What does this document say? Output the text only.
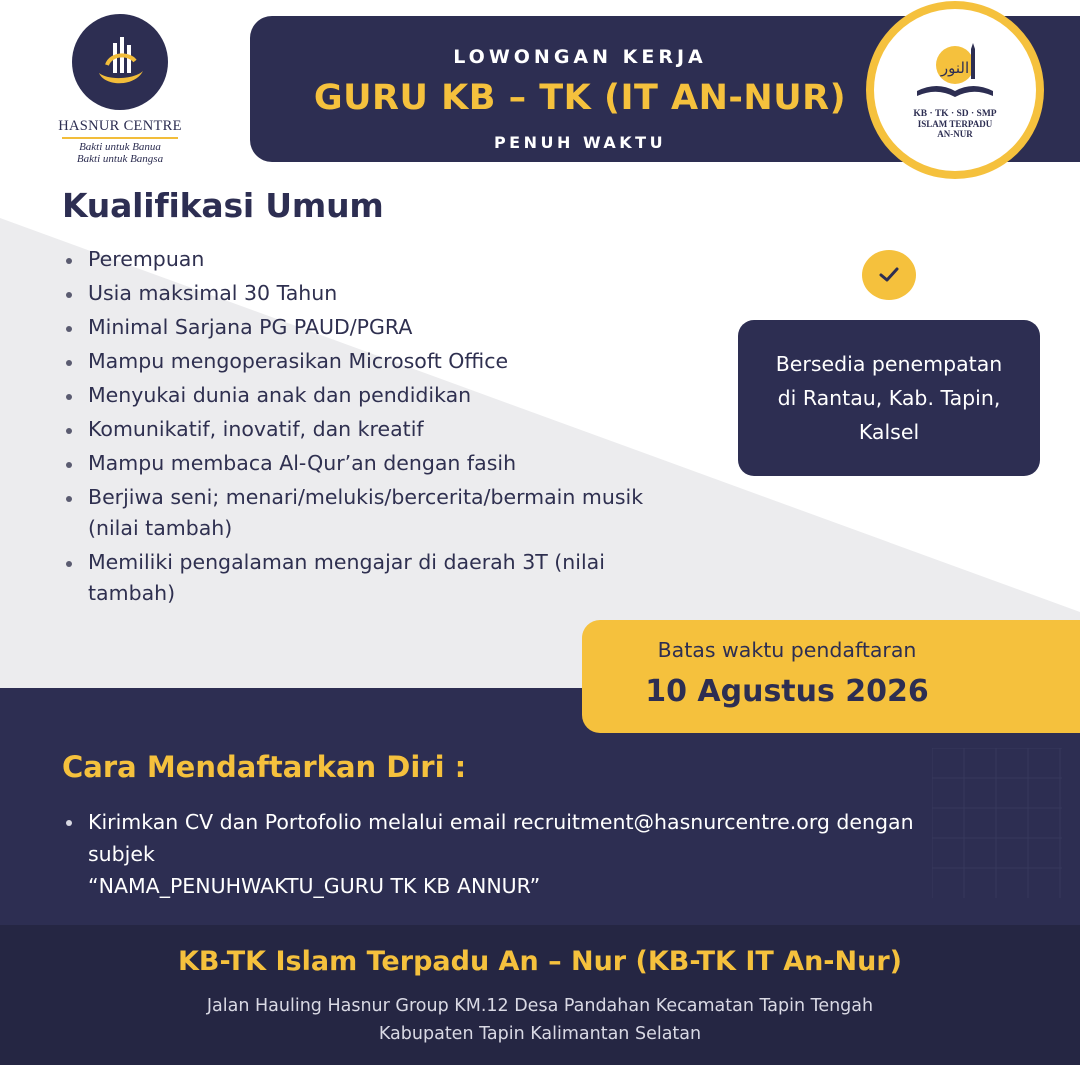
HASNUR CENTRE
Bakti untuk Banua
Bakti untuk Bangsa
LOWONGAN KERJA
GURU KB – TK (IT AN-NUR)
PENUH WAKTU
النور
KB · TK · SD · SMP
ISLAM TERPADU
AN-NUR
Kualifikasi Umum
Perempuan
Usia maksimal 30 Tahun
Minimal Sarjana PG PAUD/PGRA
Mampu mengoperasikan Microsoft Office
Menyukai dunia anak dan pendidikan
Komunikatif, inovatif, dan kreatif
Mampu membaca Al-Qur’an dengan fasih
Berjiwa seni; menari/melukis/bercerita/bermain musik (nilai tambah)
Memiliki pengalaman mengajar di daerah 3T (nilai tambah)
Bersedia penempatan
di Rantau, Kab. Tapin,
Kalsel
Batas waktu pendaftaran
10 Agustus 2026
Cara Mendaftarkan Diri :
Kirimkan CV dan Portofolio melalui email recruitment@hasnurcentre.org dengan subjek
“NAMA_PENUHWAKTU_GURU TK KB ANNUR”
KB-TK Islam Terpadu An – Nur (KB-TK IT An-Nur)
Jalan Hauling Hasnur Group KM.12 Desa Pandahan Kecamatan Tapin Tengah
Kabupaten Tapin Kalimantan Selatan
